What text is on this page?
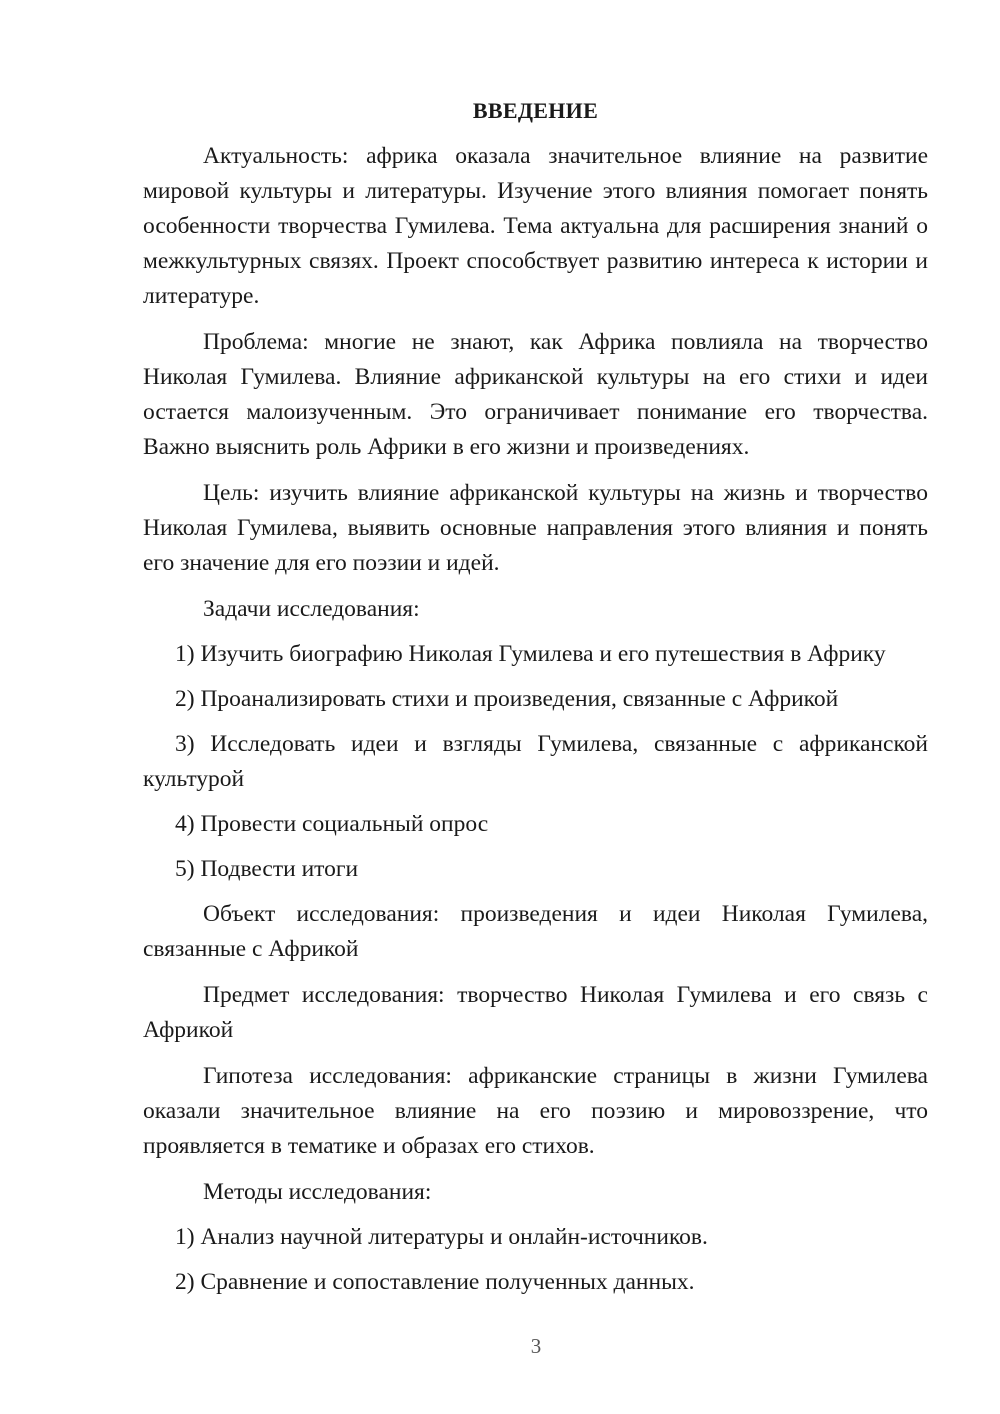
ВВЕДЕНИЕ

Актуальность: африка оказала значительное влияние на развитие мировой культуры и литературы. Изучение этого влияния помогает понять особенности творчества Гумилева. Тема актуальна для расширения знаний о межкультурных связях. Проект способствует развитию интереса к истории и литературе.

Проблема: многие не знают, как Африка повлияла на творчество Николая Гумилева. Влияние африканской культуры на его стихи и идеи остается малоизученным. Это ограничивает понимание его творчества. Важно выяснить роль Африки в его жизни и произведениях.

Цель: изучить влияние африканской культуры на жизнь и творчество Николая Гумилева, выявить основные направления этого влияния и понять его значение для его поэзии и идей.

Задачи исследования:

1) Изучить биографию Николая Гумилева и его путешествия в Африку

2) Проанализировать стихи и произведения, связанные с Африкой

3) Исследовать идеи и взгляды Гумилева, связанные с африканской культурой

4) Провести социальный опрос

5) Подвести итоги

Объект исследования: произведения и идеи Николая Гумилева, связанные с Африкой

Предмет исследования: творчество Николая Гумилева и его связь с Африкой

Гипотеза исследования: африканские страницы в жизни Гумилева оказали значительное влияние на его поэзию и мировоззрение, что проявляется в тематике и образах его стихов.

Методы исследования:

1) Анализ научной литературы и онлайн-источников.

2) Сравнение и сопоставление полученных данных.

3
